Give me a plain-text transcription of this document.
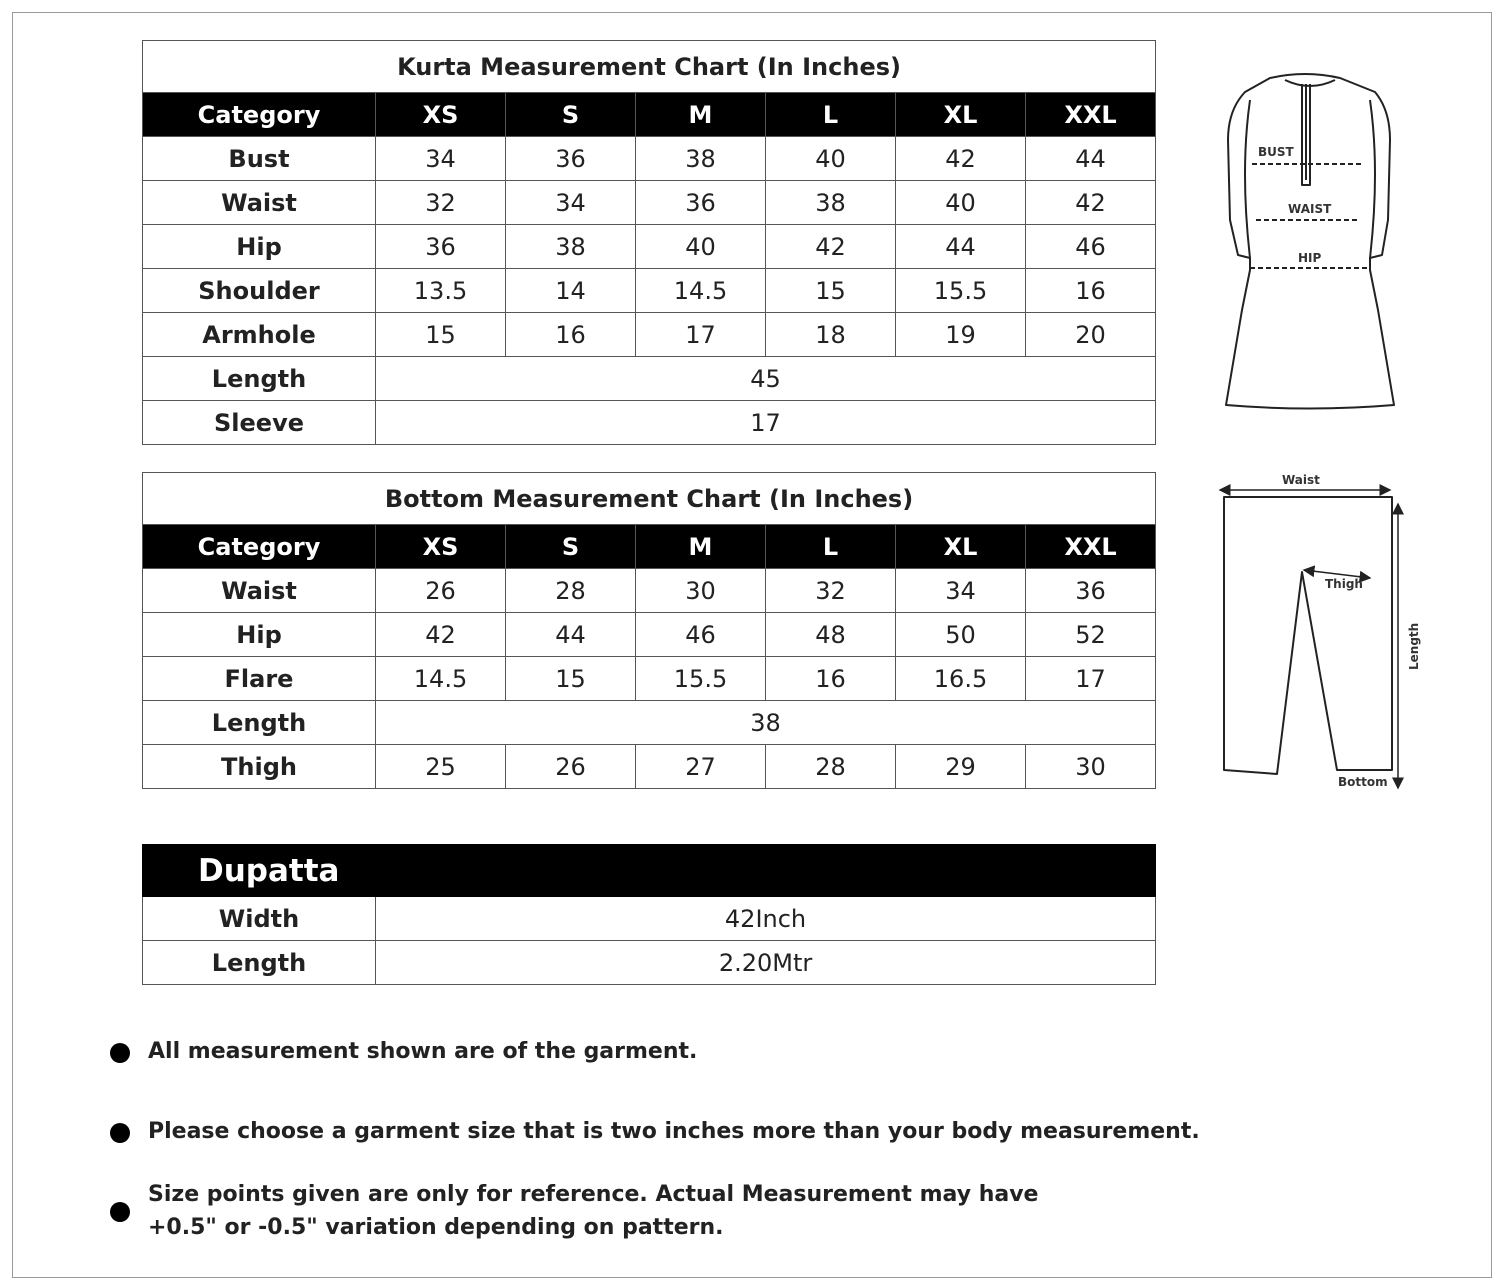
Kurta Measurement Chart (In Inches)						
Category	XS	S	M	L	XL	XXL
Bust	34	36	38	40	42	44
Waist	32	34	36	38	40	42
Hip	36	38	40	42	44	46
Shoulder	13.5	14	14.5	15	15.5	16
Armhole	15	16	17	18	19	20
Length	45					
Sleeve	17					
Bottom Measurement Chart (In Inches)						
Category	XS	S	M	L	XL	XXL
Waist	26	28	30	32	34	36
Hip	42	44	46	48	50	52
Flare	14.5	15	15.5	16	16.5	17
Length	38					
Thigh	25	26	27	28	29	30
Dupatta	
Width	42Inch
Length	2.20Mtr
All measurement shown are of the garment.
Please choose a garment size that is two inches more than your body measurement.
Size points given are only for reference. Actual Measurement may have +0.5" or -0.5" variation depending on pattern.
BUST
WAIST
HIP
Waist
Thigh
Bottom
Length
